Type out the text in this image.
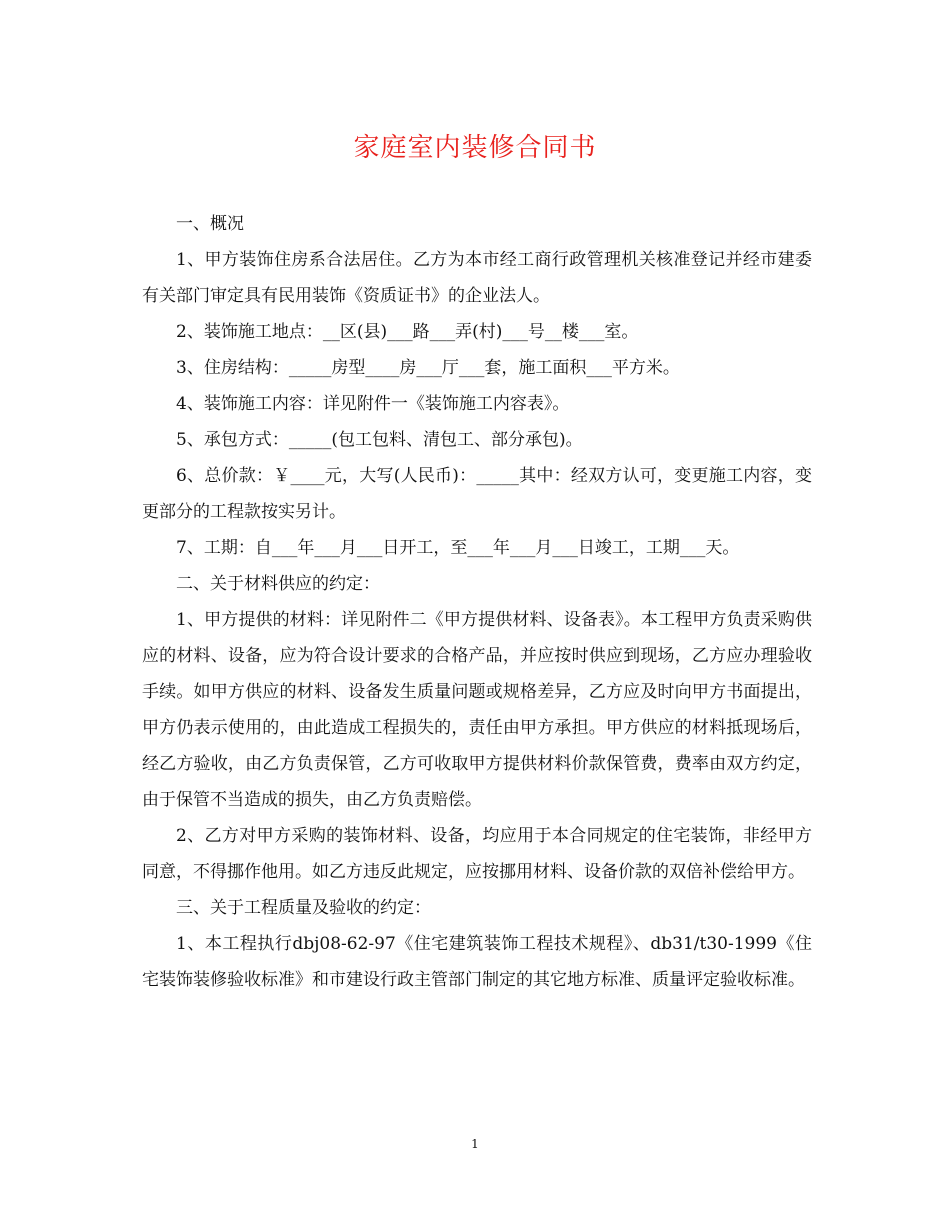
家庭室内装修合同书

一、概况

1、甲方装饰住房系合法居住。乙方为本市经工商行政管理机关核准登记并经市建委有关部门审定具有民用装饰《资质证书》的企业法人。

2、装饰施工地点：__区(县)___路___弄(村)___号__楼___室。

3、住房结构：_____房型____房___厅___套，施工面积___平方米。

4、装饰施工内容：详见附件一《装饰施工内容表》。

5、承包方式：_____(包工包料、清包工、部分承包)。

6、总价款：￥____元，大写(人民币)：_____其中：经双方认可，变更施工内容，变更部分的工程款按实另计。

7、工期：自___年___月___日开工，至___年___月___日竣工，工期___天。

二、关于材料供应的约定：

1、甲方提供的材料：详见附件二《甲方提供材料、设备表》。本工程甲方负责采购供应的材料、设备，应为符合设计要求的合格产品，并应按时供应到现场，乙方应办理验收手续。如甲方供应的材料、设备发生质量问题或规格差异，乙方应及时向甲方书面提出，甲方仍表示使用的，由此造成工程损失的，责任由甲方承担。甲方供应的材料抵现场后，经乙方验收，由乙方负责保管，乙方可收取甲方提供材料价款保管费，费率由双方约定，由于保管不当造成的损失，由乙方负责赔偿。

2、乙方对甲方采购的装饰材料、设备，均应用于本合同规定的住宅装饰，非经甲方同意，不得挪作他用。如乙方违反此规定，应按挪用材料、设备价款的双倍补偿给甲方。

三、关于工程质量及验收的约定：

1、本工程执行dbj08-62-97《住宅建筑装饰工程技术规程》、db31/t30-1999《住宅装饰装修验收标准》和市建设行政主管部门制定的其它地方标准、质量评定验收标准。

1
